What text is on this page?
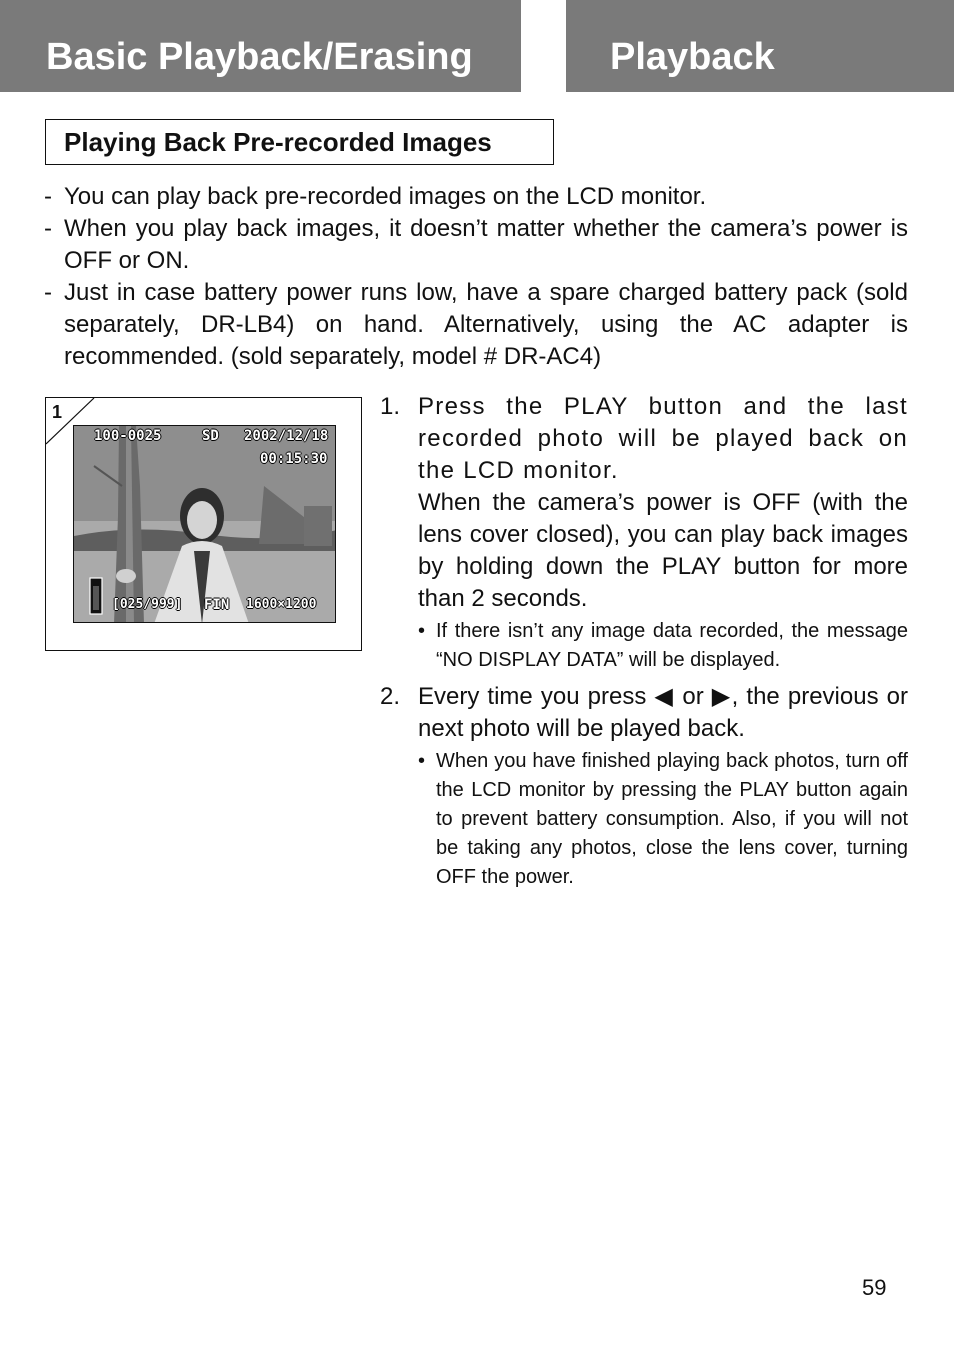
Basic Playback/Erasing	Playback
Playing Back Pre-recorded Images
- You can play back pre-recorded images on the LCD monitor.
- When you play back images, it doesn’t matter whether the camera’s power is OFF or ON.
- Just in case battery power runs low, have a spare charged battery pack (sold separately, DR-LB4) on hand. Alternatively, using the AC adapter is recommended. (sold separately, model # DR-AC4)
1
100-0025	SD 2002/12/18
00:15:30
[025/999] FIN 1600×1200
1. Press the PLAY button and the last recorded photo will be played back on the LCD monitor.

When the camera’s power is OFF (with the lens cover closed), you can play back images by holding down the PLAY button for more than 2 seconds.

• If there isn’t any image data recorded, the message “NO DISPLAY DATA” will be displayed.
2. Every time you press ◀ or ▶, the previous or next photo will be played back.

• When you have finished playing back photos, turn off the LCD monitor by pressing the PLAY button again to prevent battery consumption. Also, if you will not be taking any photos, close the lens cover, turning OFF the power.
59
